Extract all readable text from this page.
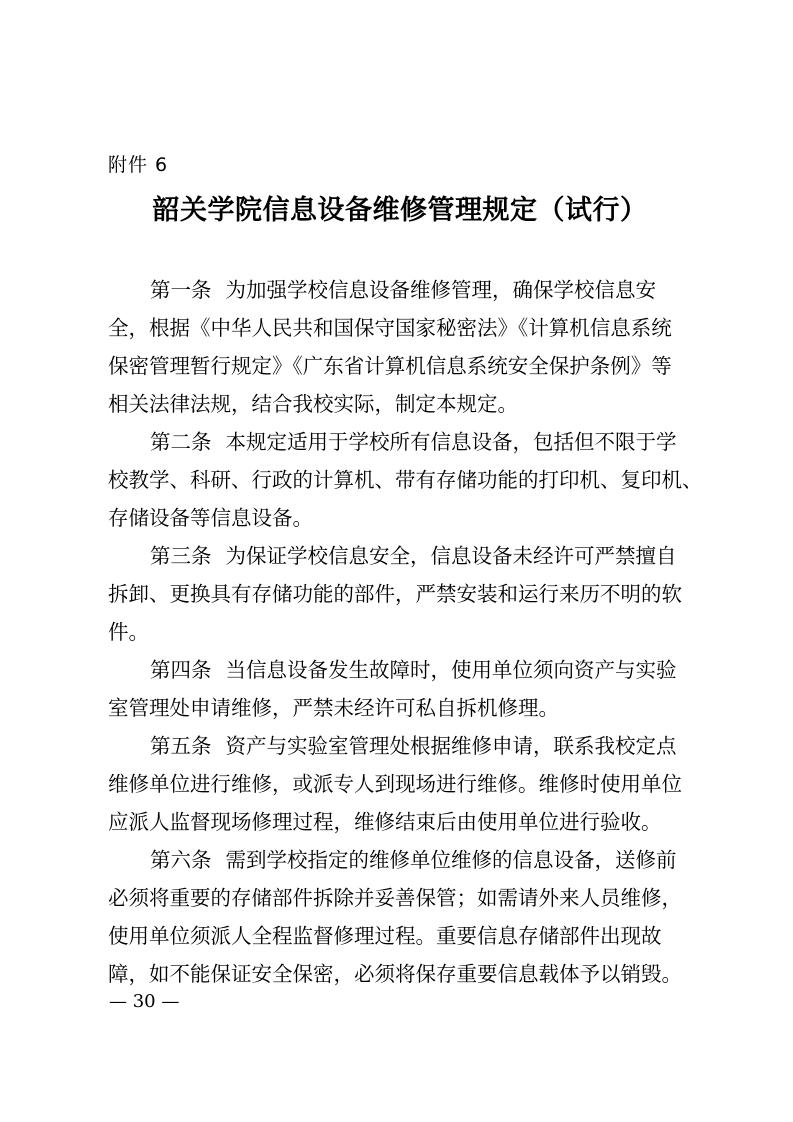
附件 6
韶关学院信息设备维修管理规定（试行）
第一条 为加强学校信息设备维修管理，确保学校信息安
全，根据《中华人民共和国保守国家秘密法》《计算机信息系统
保密管理暂行规定》《广东省计算机信息系统安全保护条例》等
相关法律法规，结合我校实际，制定本规定。
第二条 本规定适用于学校所有信息设备，包括但不限于学
校教学、科研、行政的计算机、带有存储功能的打印机、复印机、
存储设备等信息设备。
第三条 为保证学校信息安全，信息设备未经许可严禁擅自
拆卸、更换具有存储功能的部件，严禁安装和运行来历不明的软
件。
第四条 当信息设备发生故障时，使用单位须向资产与实验
室管理处申请维修，严禁未经许可私自拆机修理。
第五条 资产与实验室管理处根据维修申请，联系我校定点
维修单位进行维修，或派专人到现场进行维修。维修时使用单位
应派人监督现场修理过程，维修结束后由使用单位进行验收。
第六条 需到学校指定的维修单位维修的信息设备，送修前
必须将重要的存储部件拆除并妥善保管；如需请外来人员维修，
使用单位须派人全程监督修理过程。重要信息存储部件出现故
障，如不能保证安全保密，必须将保存重要信息载体予以销毁。
— 30 —
